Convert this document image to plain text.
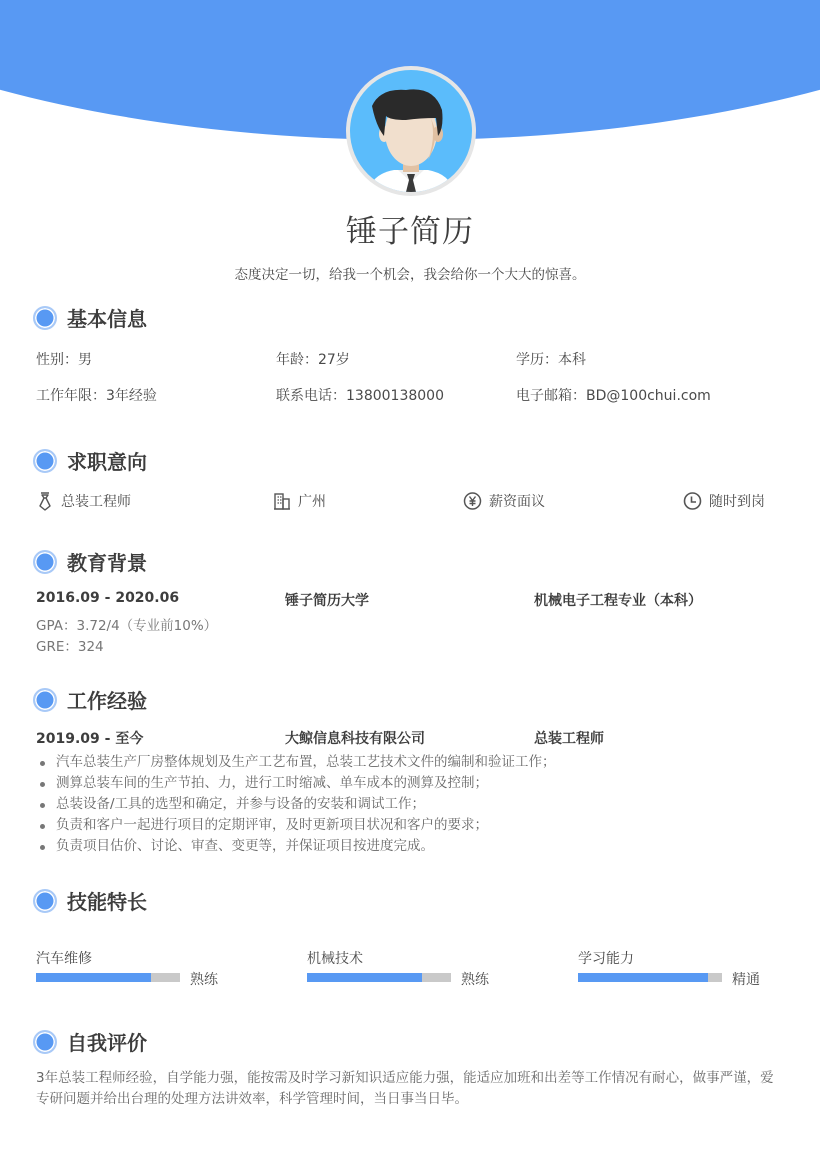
锤子简历
态度决定一切，给我一个机会，我会给你一个大大的惊喜。
基本信息
性别：男	年龄：27岁	学历：本科
工作年限：3年经验	联系电话：13800138000	电子邮箱：BD@100chui.com
求职意向
总装工程师	广州	薪资面议	随时到岗
教育背景
2016.09 - 2020.06	锤子简历大学	机械电子工程专业（本科）
GPA：3.72/4（专业前10%）
GRE：324
工作经验
2019.09 - 至今	大鲸信息科技有限公司	总装工程师
汽车总装生产厂房整体规划及生产工艺布置，总装工艺技术文件的编制和验证工作；
测算总装车间的生产节拍、力，进行工时缩减、单车成本的测算及控制；
总装设备/工具的选型和确定，并参与设备的安装和调试工作；
负责和客户一起进行项目的定期评审，及时更新项目状况和客户的要求；
负责项目估价、讨论、审查、变更等，并保证项目按进度完成。
技能特长
汽车维修
熟练
机械技术
熟练
学习能力
精通
自我评价
3年总装工程师经验，自学能力强，能按需及时学习新知识适应能力强，能适应加班和出差等工作情况有耐心，做事严谨，爱专研问题并给出台理的处理方法讲效率，科学管理时间，当日事当日毕。
